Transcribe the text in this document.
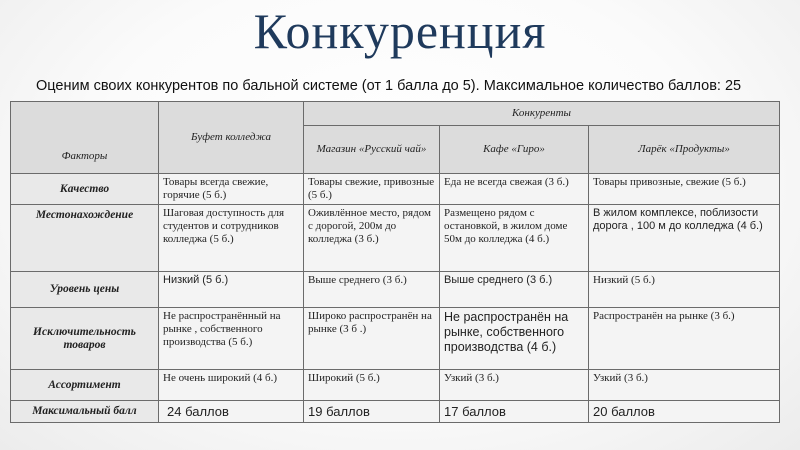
Конкуренция
Оценим своих конкурентов по бальной системе (от 1 балла до 5). Максимальное количество баллов: 25
Факторы	Буфет колледжа	Конкуренты		
		Магазин «Русский чай»	Кафе «Гиро»	Ларёк «Продукты»
Качество	Товары всегда свежие, горячие (5 б.)	Товары свежие, привозные (5 б.)	Еда не всегда свежая (3 б.)	Товары привозные, свежие (5 б.)
Местонахождение	Шаговая доступность для студентов и сотрудников колледжа (5 б.)	Оживлённое место, рядом с дорогой, 200м до колледжа (3 б.)	Размещено рядом с остановкой, в жилом доме 50м до колледжа (4 б.)	В жилом комплексе, поблизости дорога , 100 м до колледжа (4 б.)
Уровень цены	Низкий (5 б.)	Выше среднего (3 б.)	Выше среднего (3 б.)	Низкий (5 б.)
Исключительность товаров	Не распространённый на рынке , собственного производства (5 б.)	Широко распространён на рынке (3 б .)	Не распространён на рынке, собственного производства (4 б.)	Распространён на рынке (3 б.)
Ассортимент	Не очень широкий (4 б.)	Широкий (5 б.)	Узкий (3 б.)	Узкий (3 б.)
Максимальный балл	24 баллов	19 баллов	17 баллов	20 баллов
